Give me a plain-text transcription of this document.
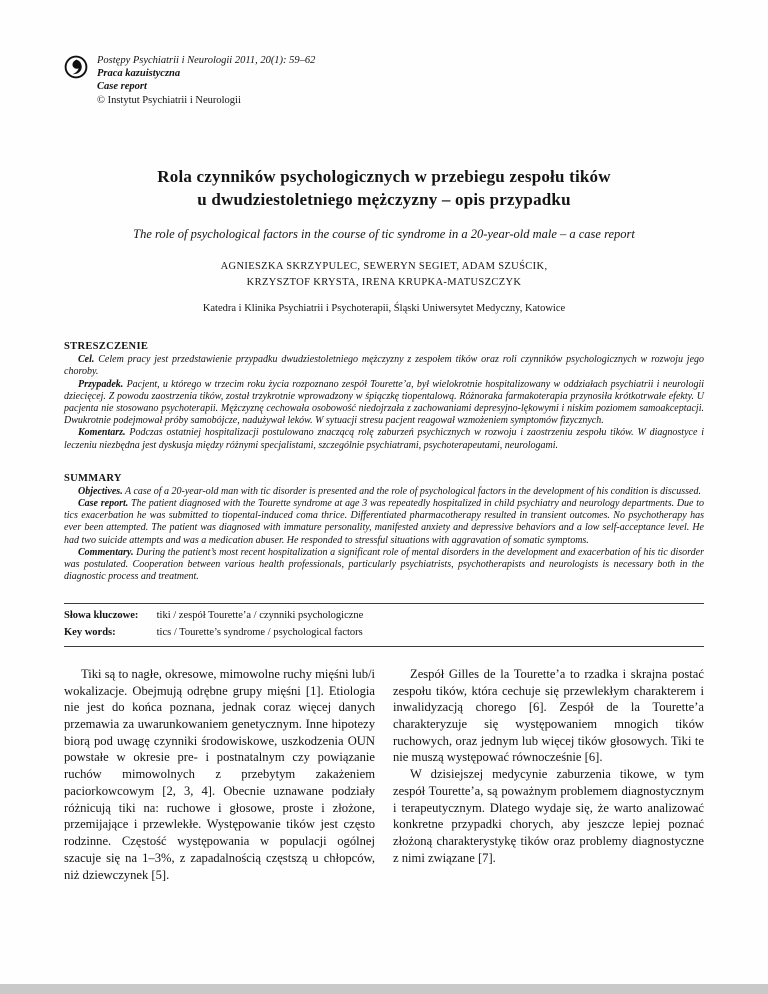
Postępy Psychiatrii i Neurologii 2011, 20(1): 59–62
Praca kazuistyczna
Case report
© Instytut Psychiatrii i Neurologii
Rola czynników psychologicznych w przebiegu zespołu tików
u dwudziestoletniego mężczyzny – opis przypadku
The role of psychological factors in the course of tic syndrome in a 20-year-old male – a case report
AGNIESZKA SKRZYPULEC, SEWERYN SEGIET, ADAM SZUŚCIK,
KRZYSZTOF KRYSTA, IRENA KRUPKA-MATUSZCZYK
Katedra i Klinika Psychiatrii i Psychoterapii, Śląski Uniwersytet Medyczny, Katowice
STRESZCZENIE

Cel. Celem pracy jest przedstawienie przypadku dwudziestoletniego mężczyzny z zespołem tików oraz roli czynników psychologicznych w rozwoju jego choroby.

Przypadek. Pacjent, u którego w trzecim roku życia rozpoznano zespół Tourette’a, był wielokrotnie hospitalizowany w oddziałach psychiatrii i neurologii dziecięcej. Z powodu zaostrzenia tików, został trzykrotnie wprowadzony w śpiączkę tiopentalową. Różnoraka farmakoterapia przynosiła krótkotrwałe efekty. U pacjenta nie stosowano psychoterapii. Mężczyznę cechowała osobowość niedojrzała z zachowaniami depresyjno-lękowymi i niskim poziomem samoakceptacji. Dwukrotnie podejmował próby samobójcze, nadużywał leków. W sytuacji stresu pacjent reagował wzmożeniem symptomów fizycznych.

Komentarz. Podczas ostatniej hospitalizacji postulowano znaczącą rolę zaburzeń psychicznych w rozwoju i zaostrzeniu zespołu tików. W diagnostyce i leczeniu niezbędna jest dyskusja między różnymi specjalistami, szczególnie psychiatrami, psychoterapeutami, neurologami.

SUMMARY

Objectives. A case of a 20-year-old man with tic disorder is presented and the role of psychological factors in the development of his condition is discussed.

Case report. The patient diagnosed with the Tourette syndrome at age 3 was repeatedly hospitalized in child psychiatry and neurology departments. Due to tics exacerbation he was submitted to tiopental-induced coma thrice. Differentiated pharmacotherapy resulted in transient outcomes. No psychotherapy has ever been attempted. The patient was diagnosed with immature personality, manifested anxiety and depressive behaviors and a low self-acceptance level. He had two suicide attempts and was a medication abuser. He responded to stressful situations with aggravation of somatic symptoms.

Commentary. During the patient’s most recent hospitalization a significant role of mental disorders in the development and exacerbation of his tic disorder was postulated. Cooperation between various health professionals, particularly psychiatrists, psychotherapists and neurologists is necessary both in the diagnostic process and treatment.

Słowa kluczowe: tiki / zespół Tourette’a / czynniki psychologiczne
Key words:	tics / Tourette’s syndrome / psychological factors

Tiki są to nagłe, okresowe, mimowolne ruchy mięśni lub/i wokalizacje. Obejmują odrębne grupy mięśni [1]. Etiologia nie jest do końca poznana, jednak coraz więcej danych przemawia za uwarunkowaniem genetycznym. Inne hipotezy biorą pod uwagę czynniki środowiskowe, uszkodzenia OUN powstałe w okresie pre- i postnatalnym czy powiązanie ruchów mimowolnych z przebytym zakażeniem paciorkowcowym [2, 3, 4]. Obecnie uznawane podziały różnicują tiki na: ruchowe i głosowe, proste i złożone, przemijające i przewlekłe. Występowanie tików jest często rodzinne. Częstość występowania w populacji ogólnej szacuje się na 1–3%, z zapadalnością częstszą u chłopców, niż dziewczynek [5].

Zespół Gilles de la Tourette’a to rzadka i skrajna postać zespołu tików, która cechuje się przewlekłym charakterem i inwalidyzacją chorego [6]. Zespół de la Tourette’a charakteryzuje się występowaniem mnogich tików ruchowych, oraz jednym lub więcej tików głosowych. Tiki te nie muszą występować równocześnie [6].

W dzisiejszej medycynie zaburzenia tikowe, w tym zespół Tourette’a, są poważnym problemem diagnostycznym i terapeutycznym. Dlatego wydaje się, że warto analizować konkretne przypadki chorych, aby jeszcze lepiej poznać złożoną charakterystykę tików oraz problemy diagnostyczne z nimi związane [7].
